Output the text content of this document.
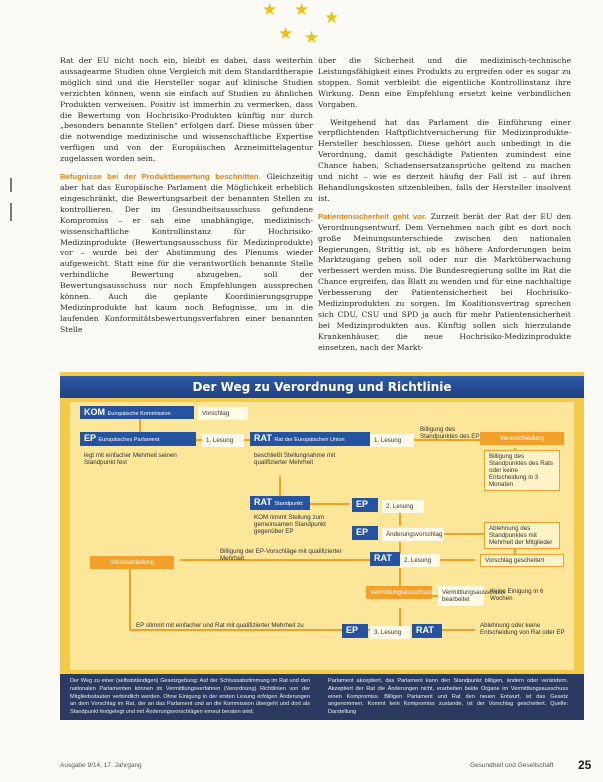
★ ★ ★
★
★

Rat der EU nicht noch ein, bleibt es dabei, dass weiterhin aussagearme Studien ohne Vergleich mit dem Standardtherapie möglich sind und die Hersteller sogar auf klinische Studien verzichten können, wenn sie einfach auf Studien zu ähnlichen Produkten verweisen. Positiv ist immerhin zu vermerken, dass die Bewertung von Hochrisiko-Produkten künftig nur durch „besonders benannte Stellen“ erfolgen darf. Diese müssen über die notwendige medizinische und wissenschaftliche Expertise verfügen und von der Europäischen Arzneimittelagentur zugelassen worden sein.

Befugnisse bei der Produktbewertung beschnitten. Gleichzeitig aber hat das Europäische Parlament die Möglichkeit erheblich eingeschränkt, die Bewertungsarbeit der benannten Stellen zu kontrollieren. Der im Gesundheitsausschuss gefundene Kompromiss – er sah eine unabhängige, medizinisch-wissenschaftliche Kontrollinstanz für Hochrisiko-Medizinprodukte (Bewertungsausschuss für Medizinprodukte) vor – wurde bei der Abstimmung des Plenums wieder aufgeweicht. Statt eine für die verantwortlich benannte Stelle verbindliche Bewertung abzugeben, soll der Bewertungsausschuss nur noch Empfehlungen aussprechen können. Auch die geplante Koordinierungsgruppe Medizinprodukte hat kaum noch Befugnisse, um in die laufenden Konformitätsbewertungsverfahren einer benannten Stelle

über die Sicherheit und die medizinisch-technische Leistungsfähigkeit eines Produkts zu ergreifen oder es sogar zu stoppen. Somit verbleibt die eigentliche Kontrollinstanz ihre Wirkung. Denn eine Empfehlung ersetzt keine verbindlichen Vorgaben.

Weitgehend hat das Parlament die Einführung einer verpflichtenden Haftpflichtversicherung für Medizinprodukte-Hersteller beschlossen. Diese gehört auch unbedingt in die Verordnung, damit geschädigte Patienten zumindest eine Chance haben, Schadensersatzansprüche geltend zu machen und nicht – wie es derzeit häufig der Fall ist – auf ihren Behandlungskosten sitzenbleiben, falls der Hersteller insolvent ist.

Patientensicherheit geht vor. Zurzeit berät der Rat der EU den Verordnungsentwurf. Dem Vernehmen nach gibt es dort noch große Meinungsunterschiede zwischen den nationalen Regierungen. Strittig ist, ob es höhere Anforderungen beim Marktzugang geben soll oder nur die Marktüberwachung verbessert werden muss. Die Bundesregierung sollte im Rat die Chance ergreifen, das Blatt zu wenden und für eine nachhaltige Verbesserung der Patientensicherheit bei Hochrisiko-Medizinprodukten zu sorgen. Im Koalitionsvertrag sprechen sich CDU, CSU und SPD ja auch für mehr Patientensicherheit bei Medizinprodukten aus. Künftig sollen sich hierzulande Krankenhäuser, die neue Hochrisiko-Medizinprodukte einsetzen, nach der Markt-

Der Weg zu Verordnung und Richtlinie
KOM Europäische Kommission	Vorschlag
EP Europäisches Parlament	1. Lesung
legt mit einfacher Mehrheit seinen Standpunkt fest
RAT Rat der Europäischen Union	1. Lesung
beschließt Stellungnahme mit qualifizierter Mehrheit
Billigung des Standpunktes des EP	Verabschiedung
Billigung des Standpunktes des Rats oder keine Entscheidung in 3 Monaten
RAT Standpunkt
KOM nimmt Stellung zum gemeinsamen Standpunkt gegenüber EP
EP	2. Lesung
EP	Änderungsvorschlag
Ablehnung des Standpunktes mit Mehrheit der Mitglieder
Billigung der EP-Vorschläge mit qualifizierter Mehrheit	RAT	2. Lesung
Verabschiedung	Vorschlag gescheitert
Vermittlungsausschuss	Vermittlungsausschuss bearbeitet
Keine Einigung in 6 Wochen
EP stimmt mit einfacher und Rat mit qualifizierter Mehrheit zu	EP	3. Lesung	RAT	Ablehnung oder keine Entscheidung von Rat oder EP
Der Weg zu einer (selbstständigen) Gesetzgebung: Auf der Schlussabstimmung im Rat und den nationalen Parlamenten können im Vermittlungsverfahren (Verordnung) Richtlinien von der Mitgliedsstaaten verbindlich werden. Ohne Einigung in der ersten Lesung erfolgen Änderungen an dem Vorschlag im Rat, der an das Parlament und an die Kommission übergeht und dort als Standpunkt festgelegt und mit Änderungsvorschlägen erneut beraten wird.
Parlament akzeptiert, das Parlament kann den Standpunkt billigen, ändern oder verändern. Akzeptiert der Rat die Änderungen nicht, erarbeiten beide Organe im Vermittlungsausschuss einen Kompromiss. Billigen Parlament und Rat den neuen Entwurf, ist das Gesetz angenommen. Kommt kein Kompromiss zustande, ist der Vorschlag gescheitert. Quelle: Darstellung
Ausgabe 9/14, 17. Jahrgang	Gesundheit und Gesellschaft 25
